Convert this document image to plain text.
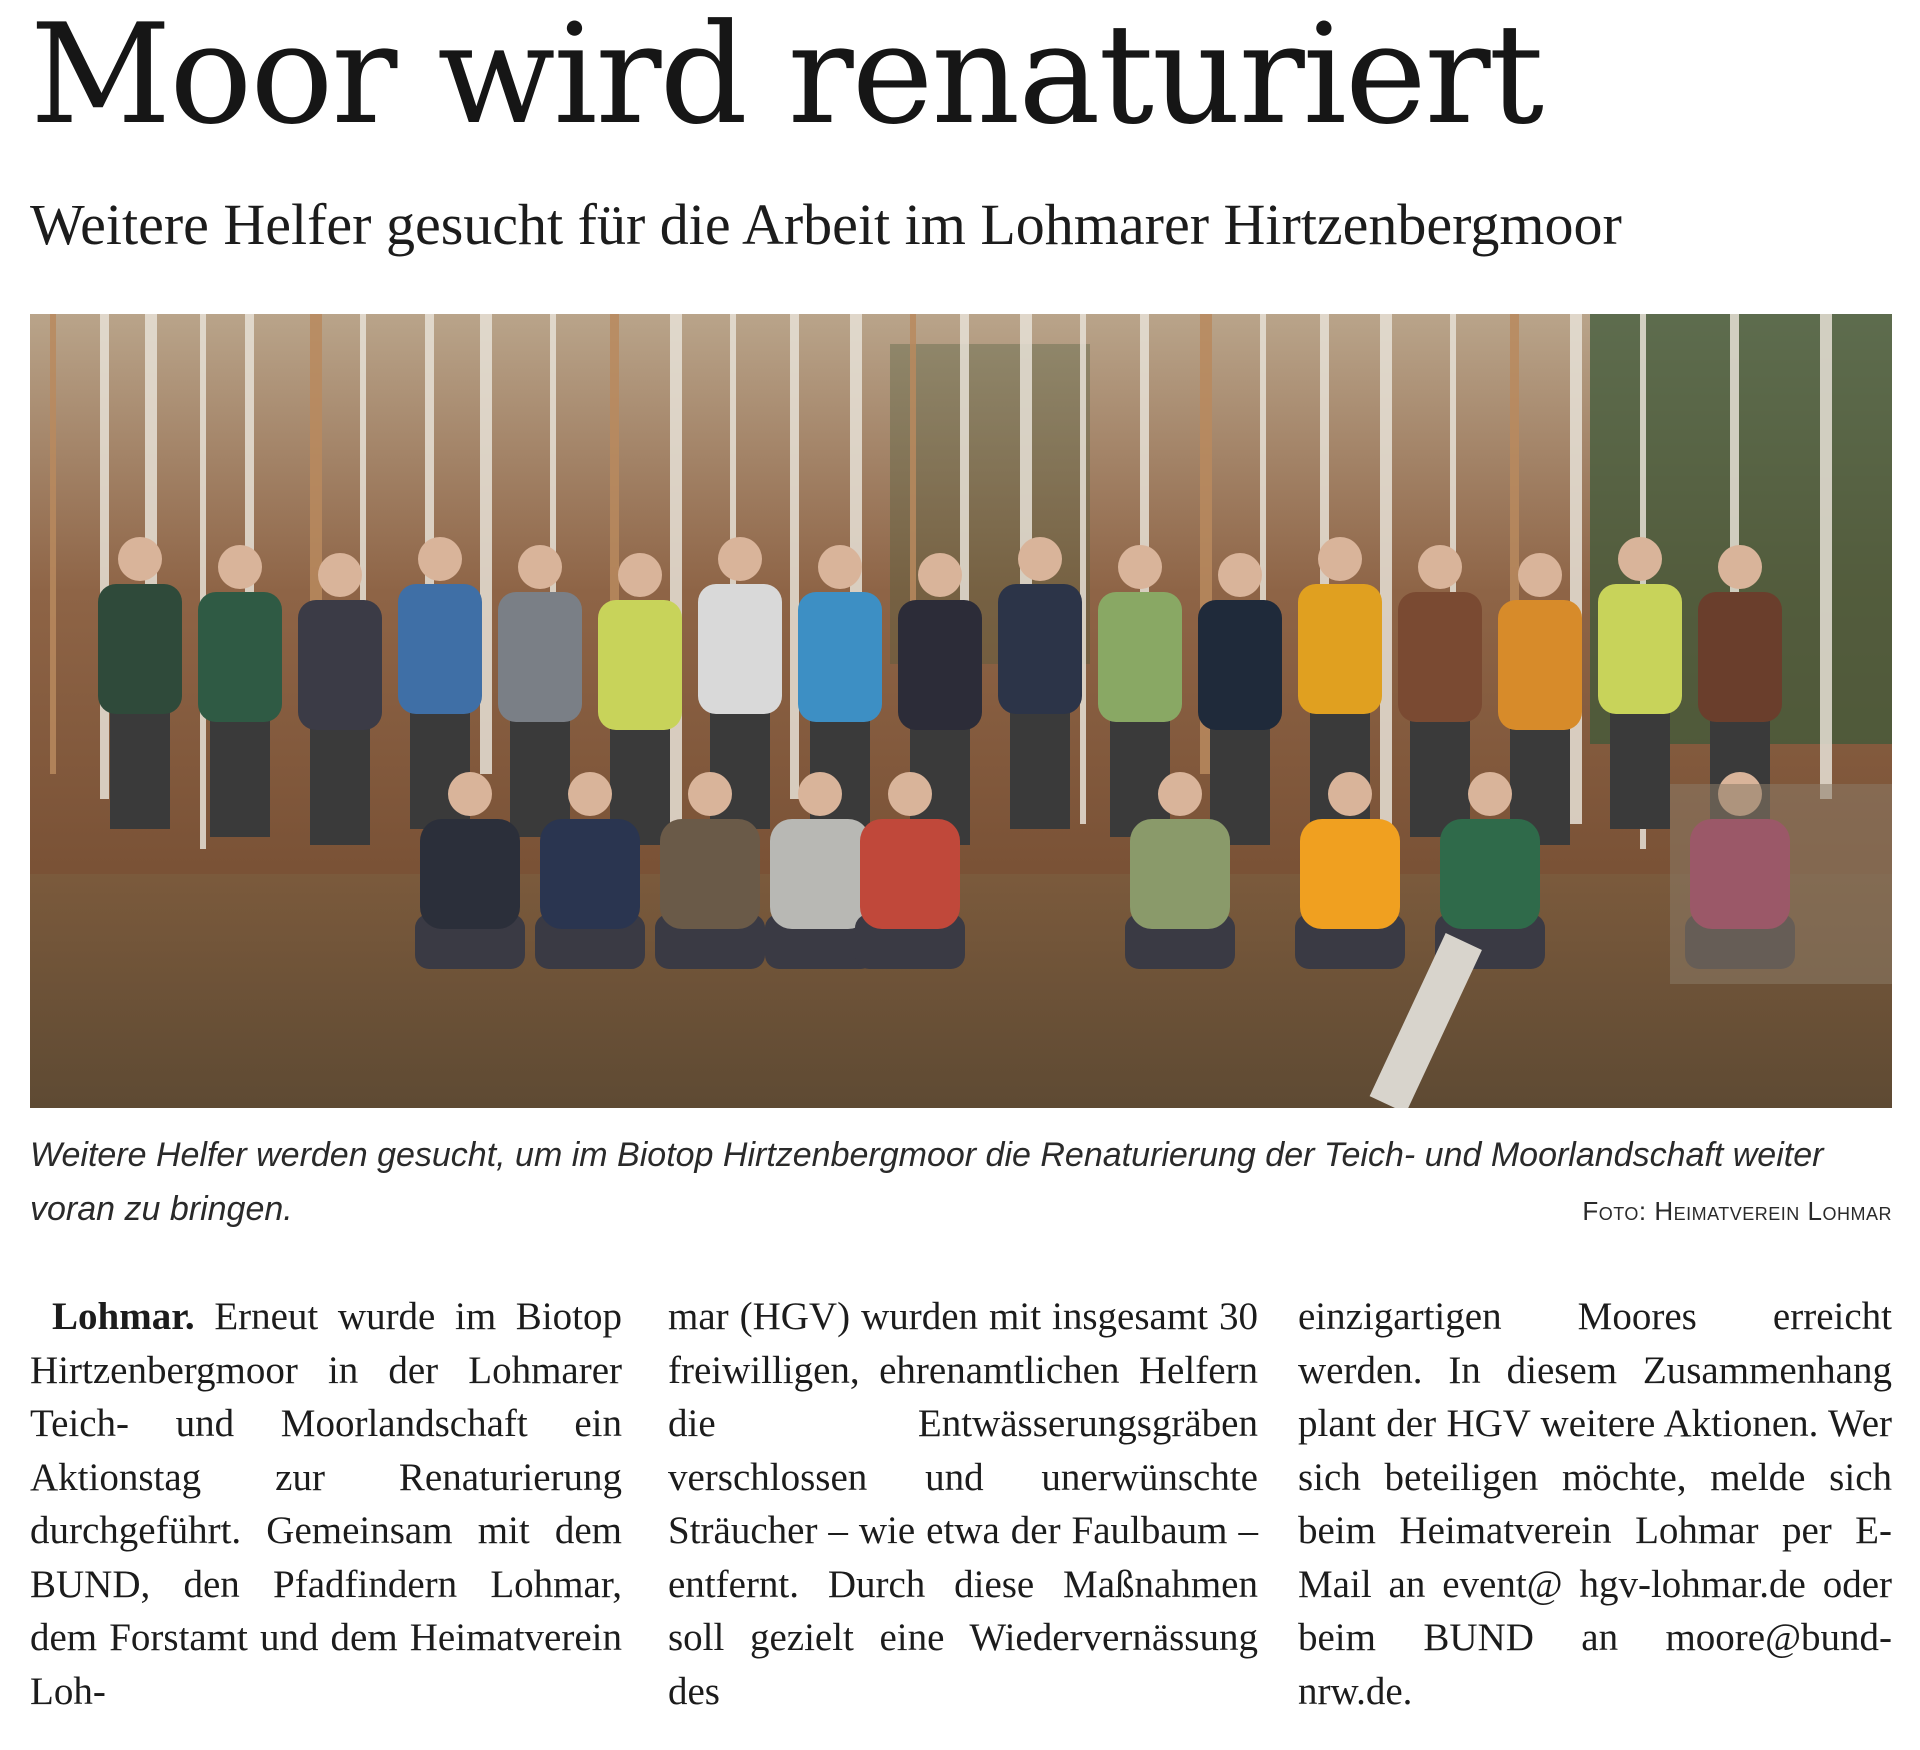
Moor wird renaturiert
Weitere Helfer gesucht für die Arbeit im Lohmarer Hirtzenbergmoor

Weitere Helfer werden gesucht, um im Biotop Hirtzenbergmoor die Renaturierung der Teich- und Moorlandschaft weiter voran zu bringen.	Foto: Heimatverein Lohmar

Lohmar. Erneut wurde im Biotop Hirtzenbergmoor in der Lohmarer Teich- und Moorlandschaft ein Aktionstag zur Renaturierung durchgeführt. Gemeinsam mit dem BUND, den Pfadfindern Lohmar, dem Forstamt und dem Heimatverein Loh-

mar (HGV) wurden mit insgesamt 30 freiwilligen, ehrenamtlichen Helfern die Entwässerungsgräben verschlossen und unerwünschte Sträucher – wie etwa der Faulbaum – entfernt. Durch diese Maßnahmen soll gezielt eine Wiedervernässung des

einzigartigen Moores erreicht werden. In diesem Zusammenhang plant der HGV weitere Aktionen. Wer sich beteiligen möchte, melde sich beim Heimatverein Lohmar per E-Mail an event@ hgv-lohmar.de oder beim BUND an moore@bund-nrw.de.
